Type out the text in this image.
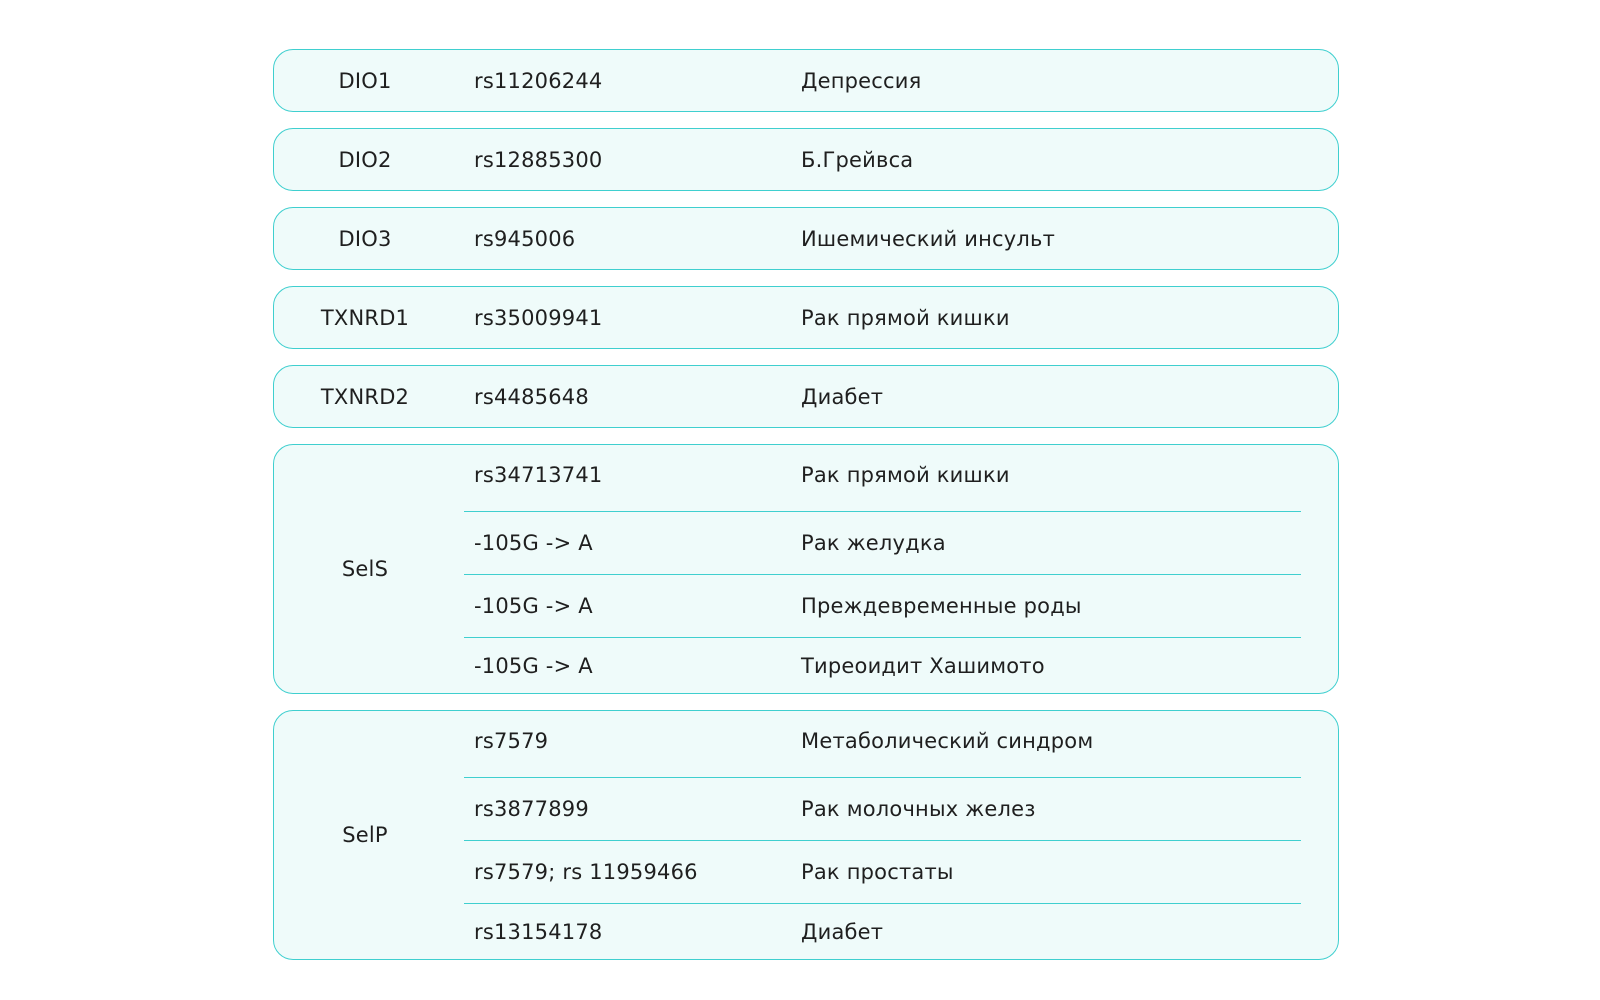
DIO1	rs11206244	Депрессия
DIO2	rs12885300	Б.Грейвса
DIO3	rs945006	Ишемический инсульт
TXNRD1	rs35009941	Рак прямой кишки
TXNRD2	rs4485648	Диабет
SelS
rs34713741	Рак прямой кишки
-105G -> A	Рак желудка
-105G -> A	Преждевременные роды
-105G -> A	Тиреоидит Хашимото
SelP
rs7579	Метаболический синдром
rs3877899	Рак молочных желез
rs7579; rs 11959466	Рак простаты
rs13154178	Диабет
